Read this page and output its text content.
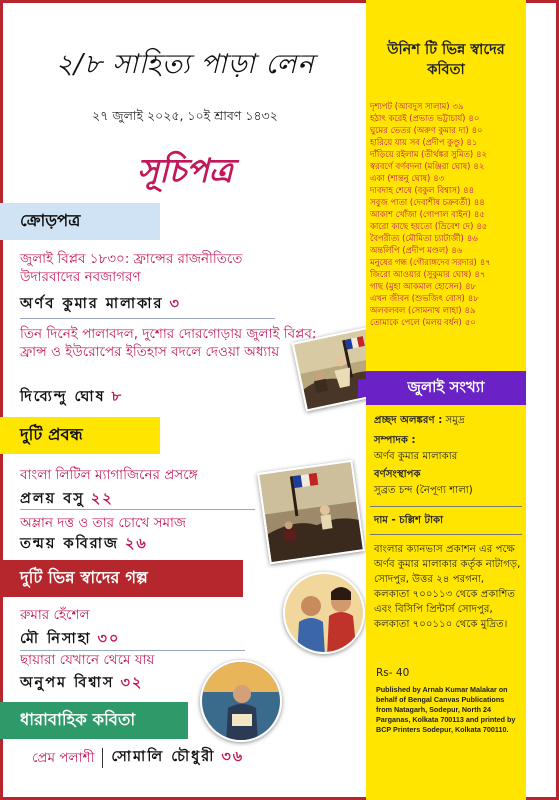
২/৮ সাহিত্য পাড়া লেন
২৭ জুলাই ২০২৫, ১০ই শ্রাবণ ১৪৩২
সূচিপত্র
ক্রোড়পত্র
জুলাই বিপ্লব ১৮৩০: ফ্রান্সের রাজনীতিতে উদারবাদের নবজাগরণ
অর্ণব কুমার মালাকার ৩
তিন দিনেই পালাবদল, দুশোর দোরগোড়ায় জুলাই বিপ্লব; ফ্রান্স ও ইউরোপের ইতিহাস বদলে দেওয়া অধ্যায়
দিব্যেন্দু ঘোষ ৮
দুটি প্রবন্ধ
বাংলা লিটিল ম্যাগাজিনের প্রসঙ্গে
প্রলয় বসু ২২
অম্লান দত্ত ও তার চোখে সমাজ
তন্ময় কবিরাজ ২৬
দুটি ভিন্ন স্বাদের গল্প
রুমার হেঁশেল
মৌ নিসাহা ৩০
ছায়ারা যেখানে থেমে যায়
অনুপম বিশ্বাস ৩২
ধারাবাহিক কবিতা
প্রেম পলাশী সোমালি চৌধুরী ৩৬
উনিশ টি ভিন্ন স্বাদের কবিতা
দৃশ্যপট (আবদুস সালাম) ৩৯
হঠাৎ করেই (প্রভাত ভট্টাচার্য) ৪০
ঘুমের ভেতর (অরুণ কুমার দা) ৪০
হারিয়ে যায় সব (প্রদীপ কুণ্ডু) ৪১
দাঁড়িয়ে রইলাম (তীর্থঙ্কর সুমিত) ৪২
স্বরবর্ণে বর্ণবদনা (মঞ্জিরা ঘোষ) ৪২
একা (শান্তনু ঘোষ) ৪৩
দাবদাহ শেষে (বকুল বিশ্বাস) ৪৪
সবুজ পাতা (দেবাশীষ চক্রবর্তী) ৪৪
আকাশ খোঁজা (গোপাল বাইন) ৪৫
কারো কাছে হয়তো (ভ্রিবেশ দে) ৪৫
বৈপরীত্য (মৌমিতা চ্যাটার্জী) ৪৬
অন্তর্লিপি (প্রদীপ মণ্ডল) ৪৬
মনুষের গন্ধ (গৌরাঙ্গদেব সরদার) ৪৭
জিরো আওয়ার (সুকুমার ঘোষ) ৪৭
গাছ (মুহা আকমাল হোসেন) ৪৮
এখন জীবন (শুভজিৎ বোস) ৪৮
অলবলবল (সোমনাথ লাহা) ৪৯
তোমাকে পেলে (মলয় বর্ধন) ৫০
জুলাই সংখ্যা
প্রচ্ছদ অলঙ্করণ : সমুদ্র
সম্পাদক :
অর্ণব কুমার মালাকার
বর্ণসংস্থাপক
সুব্রত চন্দ (নৈপূণ্য শালা)
দাম - চল্লিশ টাকা
বাংলার ক্যানভাস প্রকাশন এর পক্ষে অর্ণব কুমার মালাকার কর্তৃক নাটাগড়, সোদপুর, উত্তর ২৪ পরগনা, কলকাতা ৭০০১১৩ থেকে প্রকাশিত এবং বিসিপি প্রিন্টার্স সোদপুর, কলকাতা ৭০০১১০ থেকে মুদ্রিত।
Rs- 40
Published by Arnab Kumar Malakar on behalf of Bengal Canvas Publications from Natagarh, Sodepur, North 24 Parganas, Kolkata 700113 and printed by BCP Printers Sodepur, Kolkata 700110.
